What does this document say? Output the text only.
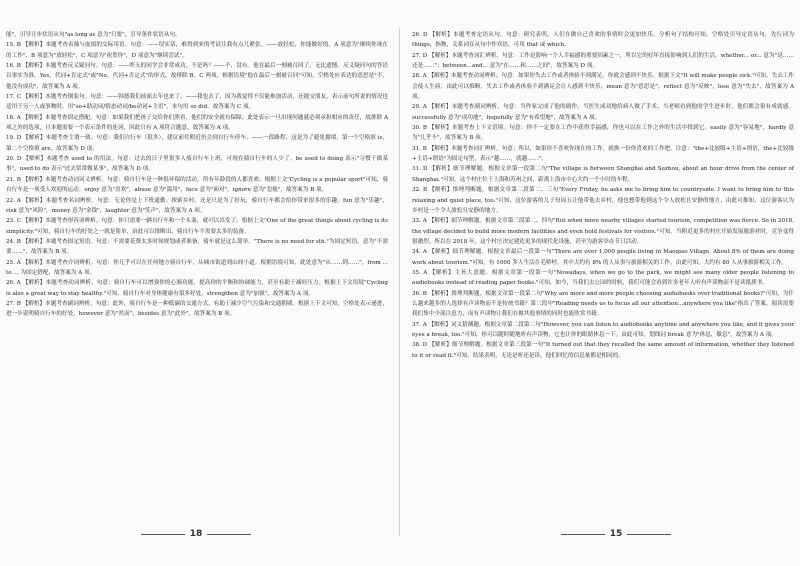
能"，引导让步状语从句"as long as 意为"只要"，引导条件状语从句。

15. B 【解析】本题考查表抽与虚拟的交际用语。句意：——误实话，难得到来的考试让我有点儿紧张。——放轻松，你能做好的。A 项意为"继续你现在的工作"，B 项意为"放轻松"，C 项意为"祝贺你"，D 项意为"继续尝试"。

16. B 【解析】本题考查反义疑问句。句意：——昨天的同学会非常成功，不是吗？——不，没有。他在最后一刻被召回了，无比遗憾。反义疑问句的答语以事实为准，Yes，代词+肯定式"或"No，代词+否定式"的形式，故排除 B、C 两项。根据语境"他在最后一刻被召回"可知，空格处应表达的意思是"不，他没有成功"，故答案为 A 项。

17. C 【解析】本题考查倒装句。句意：——韩德我们前面去年也来了。——我也去了，因为我觉得不仅能参加活动，还能交朋友。表示前句所说的情况也适用于另一人或事物时，用"so+助动词/情态动词/be动词+主语"，本句用 so did。故答案为 C 项。

18. A 【解析】本题考查固定搭配。句意：如果我们把孩子交给你们照看，他们的安全就有保障。此处表示一旦出现问题就必须承担相应的责任，故排除 A 项之外的选项，且本题需要一个表示条件的连词，因此只有 A 项符合题意，故答案为 A 项。

19. D 【解析】本题考查主谓一致。句意：我们自行车（很多），建议前往附近仍会到自行车停车。——一段路程，这是为了避免拥堵，第一个空格填 is，第二个空格填 are，故答案为 D 项。

20. D 【解析】本题考查 used to 的用法。句意：过去的日子里很多人骑自行车上班，可现在骑自行车的人少了。be used to doing 表示"习惯于做某事"，used to do 表示"过去常常做某事"，故答案为 D 项。

21. B 【解析】本题考查动词词义辨析。句意：骑自行车是一种很环保的活动，所有年龄段的人都喜欢。根据上文"Cycling is a popular sport"可知，骑自行车是一项受人欢迎的运动。enjoy 意为"喜欢"，abuse 意为"滥用"，face 意为"面对"，ignore 意为"忽视"，故答案为 B 项。

22. A 【解析】本题考查名词辨析。句意：无论你是上下班通勤、探索乡村，还是只是为了好玩，骑自行车都会给你带来很多的乐趣。fun 意为"乐趣"，risk 意为"风险"，money 意为"金钱"，laughter 意为"笑声"，故答案为 A 项。

23. C 【解析】本题考查形容词辨析。句意：你只需要一辆自行车和一个头盔，就可以出发了。根据上文"One of the great things about cycling is its simplicity."可知，骑自行车的好处之一就是简单，由此可以推断出，骑自行车不需要太多的装备。

24. B 【解析】本题考查固定短语。句意：不需要花费太多时间规划或者准备，骑车就是这么简单。"There is no need for sth."为固定短语，意为"不需要……"，故答案为 B 项。

25. A 【解析】本题考查介词辨析。句意：你几乎可以在任何地方骑自行车，从城市街道到山间小道。根据语境可知，此处意为"从……到……"，from ... to ... 为固定搭配，故答案为 A 项。

26. A 【解析】本题考查动词辨析。句意：骑自行车可以增强你的心肺功能，提高你的平衡和协调能力，甚至有助于减轻压力。根据上下文语境"Cycling is also a great way to stay healthy."可知，骑自行车对身体健康有很多好处。strengthen 意为"加强"，故答案为 A 项。

27. B 【解析】本题考查副词辨析。句意：此外，骑自行车是一种低碳的交通方式，有助于减少空气污染和交通拥堵。根据上下文可知，空格处表示递进，进一步说明骑自行车的好处。however 意为"然而"，besides 意为"此外"，故答案为 B 项。

26. D 【解析】本题考查定语从句。句意：研究表明，人们在做自己喜欢的事情时会更加快乐。分析句子结构可知，空格处引导定语从句，先行词为 things，指物，关系词在从句中作宾语，可用 that 或 which。

27. D 【解析】本题考查词汇辨析。句意：工作是影响一个人幸福感的重要因素之一，所以它的好坏直接影响到人们的生活。whether... or... 意为"是……还是……"；between...and... 意为"在……和……之间"，故答案为 D 项。

28. A 【解析】本题考查动词辨析。句意：如果你失去工作或者体验不到满足，你就会感到不快乐。根据下文"It will make people sick."可知，失去工作会使人生病，由此可以推断，失去工作或者体验不到满足会让人感到不快乐。mean 意为"意思是"，reflect 意为"反映"，lose 意为"失去"，故答案为 A 项。

29. A 【解析】本题考查副词辨析。句意：当作家完成了他的剧作，当医生成功地给病人做了手术，当老师看到他的学生进步时，他们都会很有成就感。successfully 意为"成功地"，hopefully 意为"有希望地"，故答案为 A 项。

30. B 【解析】本题考查上下文语境。句意：你不一定要在工作中获得幸福感，你也可以在工作之外的生活中找到它。easily 意为"容易地"，hardly 意为"几乎不"，故答案为 B 项。

31. B 【解析】本题考查词汇辨析。句意：所以，如果你不喜欢你现在的工作，就换一份你喜欢的工作吧。注意："the+比较级+主语+谓语，the+比较级+主语+谓语"为固定句型，表示"越……，就越……"。

31. D 【解析】细节理解题。根据文章第一段第二句"The village is between Shanghai and Suzhou, about an hour drive from the center of Shanghai."可知，这个村庄位于上海和苏州之间，距离上海市中心大约一个小时的车程。

32. B 【解析】推理判断题。根据文章第二段第二、三句"Every Friday, he asks me to bring him to countryside. I want to bring him to this relaxing and quiet place, too."可知，这位游客的儿子每周五让他带他去乡村，他也想带他到这个令人放松且安静的地方。由此可推知，这位游客认为乡村是一个令人放松且安静的地方。

33. A 【解析】细节理解题。根据文章第三段第二、四句"But when more nearby villages started tourism, competition was fierce. So in 2018, the village decided to build more modern facilities and even hold festivals for visitors."可知，当附近更多的村庄开始发展旅游业时，竞争变得很激烈。所以在 2018 年，这个村庄决定建造更多的现代化设施，甚至为游客举办节日活动。

34. A 【解析】细节理解题。根据文章最后一段第一句"There are over 1,000 people living in Maoqiao Village. About 8% of them are doing work about tourism."可知，有 1000 多人生活在毛桥村，其中大约有 8% 的人从事与旅游相关的工作。由此可知，大约有 80 人从事旅游相关工作。

35. A 【解析】主旨大意题。根据文章第一段第一句"Nowadays, when we go to the park, we might see many older people listening to audiobooks instead of reading paper books."可知，如今，当我们去公园的时候，我们可能会看到许多老年人听有声读物而不是读纸质书。

36. B 【解析】推理判断题。根据文章第一段第二句"Why are more and more people choosing audiobooks over traditional books?"可知，为什么越来越多的人选择有声读物而不是传统书籍？第二段中"Reading needs us to focus all our attention...anywhere you like"指出了答案。阅读需要我们集中全部注意力，而有声读物让我们在做其他事情的同时也能欣赏书籍。

37. A 【解析】词义猜测题。根据文章第二段第二句"However, you can listen to audiobooks anytime and anywhere you like, and it gives your eyes a break, too."可知，你可以随时随地听有声读物，它也让你的眼睛休息一下。由此可知，划线词 break 意为"休息，歇息"，故答案为 A 项。

38. D 【解析】细节理解题。根据文章第三段第一句"It turned out that they recalled the same amount of information, whether they listened to it or read it."可知，结果表明，无论是听还是读，他们回忆的信息量都是相同的。

18	15
